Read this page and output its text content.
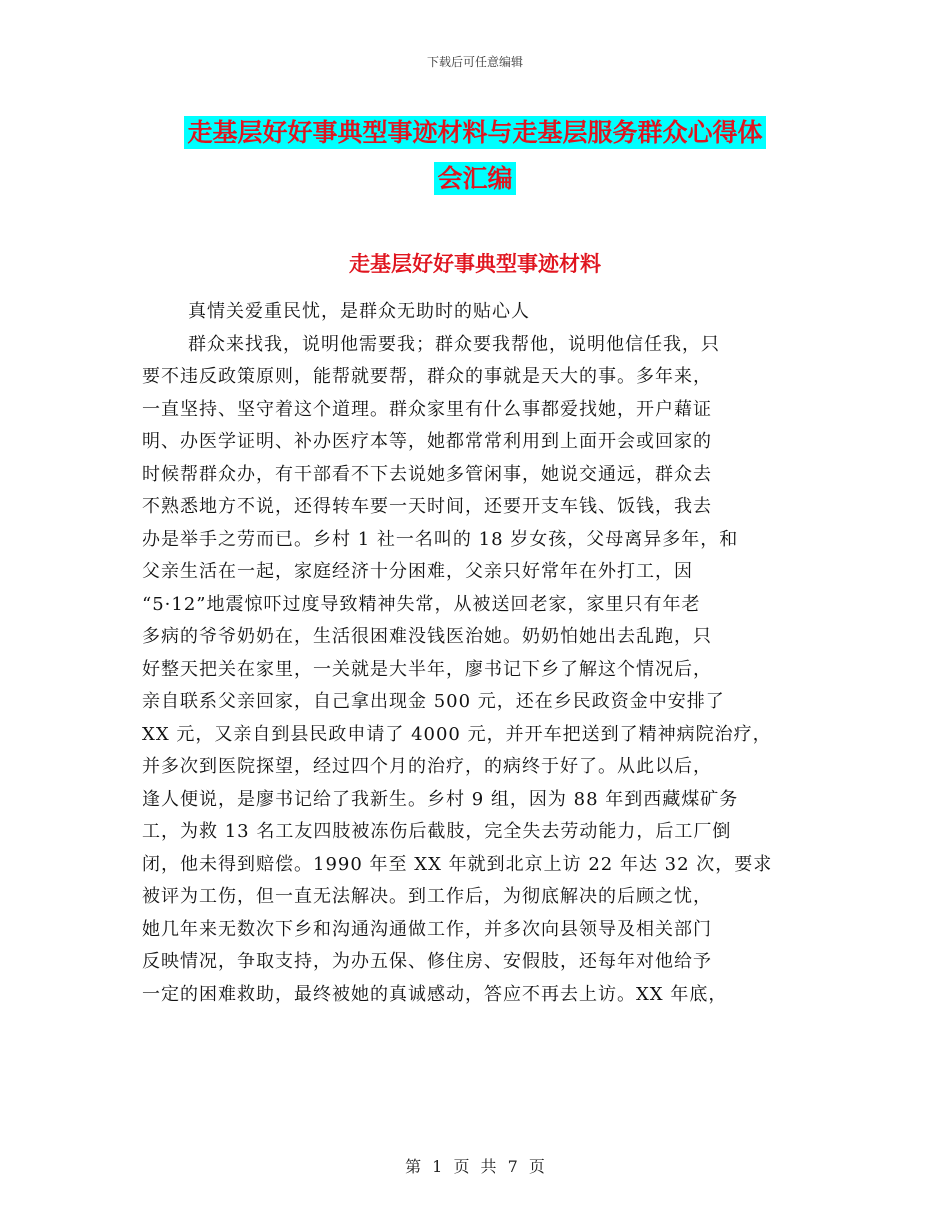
下载后可任意编辑
走基层好好事典型事迹材料与走基层服务群众心得体
会汇编
走基层好好事典型事迹材料
真情关爱重民忧，是群众无助时的贴心人
群众来找我，说明他需要我；群众要我帮他，说明他信任我，只
要不违反政策原则，能帮就要帮，群众的事就是天大的事。多年来，
一直坚持、坚守着这个道理。群众家里有什么事都爱找她，开户藉证
明、办医学证明、补办医疗本等，她都常常利用到上面开会或回家的
时候帮群众办，有干部看不下去说她多管闲事，她说交通远，群众去
不熟悉地方不说，还得转车要一天时间，还要开支车钱、饭钱，我去
办是举手之劳而已。乡村 1 社一名叫的 18 岁女孩，父母离异多年，和
父亲生活在一起，家庭经济十分困难，父亲只好常年在外打工，因
“5·12”地震惊吓过度导致精神失常，从被送回老家，家里只有年老
多病的爷爷奶奶在，生活很困难没钱医治她。奶奶怕她出去乱跑，只
好整天把关在家里，一关就是大半年，廖书记下乡了解这个情况后，
亲自联系父亲回家，自己拿出现金 500 元，还在乡民政资金中安排了
XX 元，又亲自到县民政申请了 4000 元，并开车把送到了精神病院治疗，
并多次到医院探望，经过四个月的治疗，的病终于好了。从此以后，
逢人便说，是廖书记给了我新生。乡村 9 组，因为 88 年到西藏煤矿务
工，为救 13 名工友四肢被冻伤后截肢，完全失去劳动能力，后工厂倒
闭，他未得到赔偿。1990 年至 XX 年就到北京上访 22 年达 32 次，要求
被评为工伤，但一直无法解决。到工作后，为彻底解决的后顾之忧，
她几年来无数次下乡和沟通沟通做工作，并多次向县领导及相关部门
反映情况，争取支持，为办五保、修住房、安假肢，还每年对他给予
一定的困难救助，最终被她的真诚感动，答应不再去上访。XX 年底，
第 1 页 共 7 页
